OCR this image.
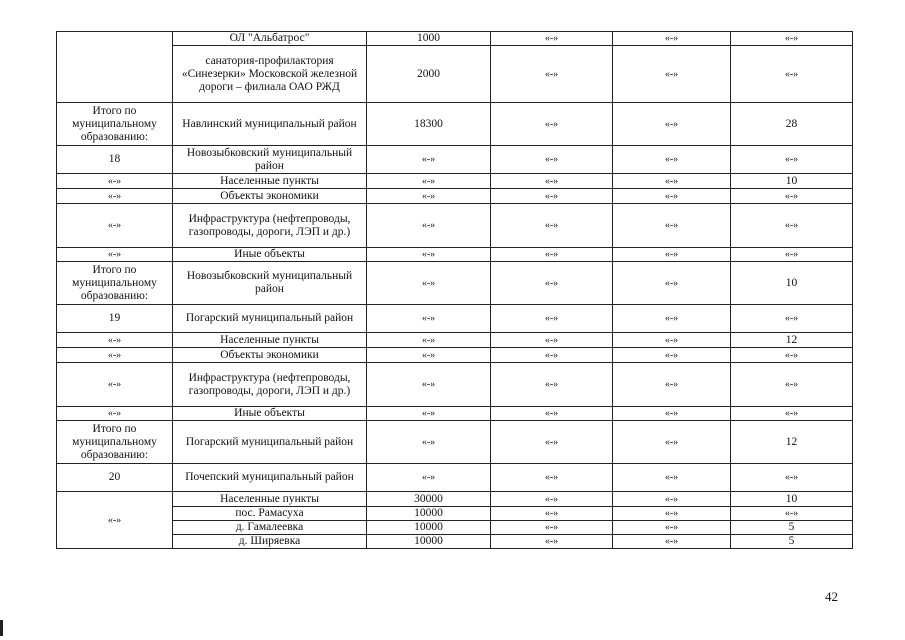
	ОЛ "Альбатрос"	1000	«-»	«-»	«-»
	санатория-профилактория «Синезерки» Московской железной дороги – филиала ОАО РЖД	2000	«-»	«-»	«-»
Итого по муниципальному образованию:	Навлинский муниципальный район	18300	«-»	«-»	28
18	Новозыбковский муниципальный район	«-»	«-»	«-»	«-»
«-»	Населенные пункты	«-»	«-»	«-»	10
«-»	Объекты экономики	«-»	«-»	«-»	«-»
«-»	Инфраструктура (нефтепроводы, газопроводы, дороги, ЛЭП и др.)	«-»	«-»	«-»	«-»
«-»	Иные объекты	«-»	«-»	«-»	«-»
Итого по муниципальному образованию:	Новозыбковский муниципальный район	«-»	«-»	«-»	10
19	Погарский муниципальный район	«-»	«-»	«-»	«-»
«-»	Населенные пункты	«-»	«-»	«-»	12
«-»	Объекты экономики	«-»	«-»	«-»	«-»
«-»	Инфраструктура (нефтепроводы, газопроводы, дороги, ЛЭП и др.)	«-»	«-»	«-»	«-»
«-»	Иные объекты	«-»	«-»	«-»	«-»
Итого по муниципальному образованию:	Погарский муниципальный район	«-»	«-»	«-»	12
20	Почепский муниципальный район	«-»	«-»	«-»	«-»
«-»	Населенные пункты	30000	«-»	«-»	10
	пос. Рамасуха	10000	«-»	«-»	«-»
	д. Гамалеевка	10000	«-»	«-»	5
	д. Ширяевка	10000	«-»	«-»	5
42
